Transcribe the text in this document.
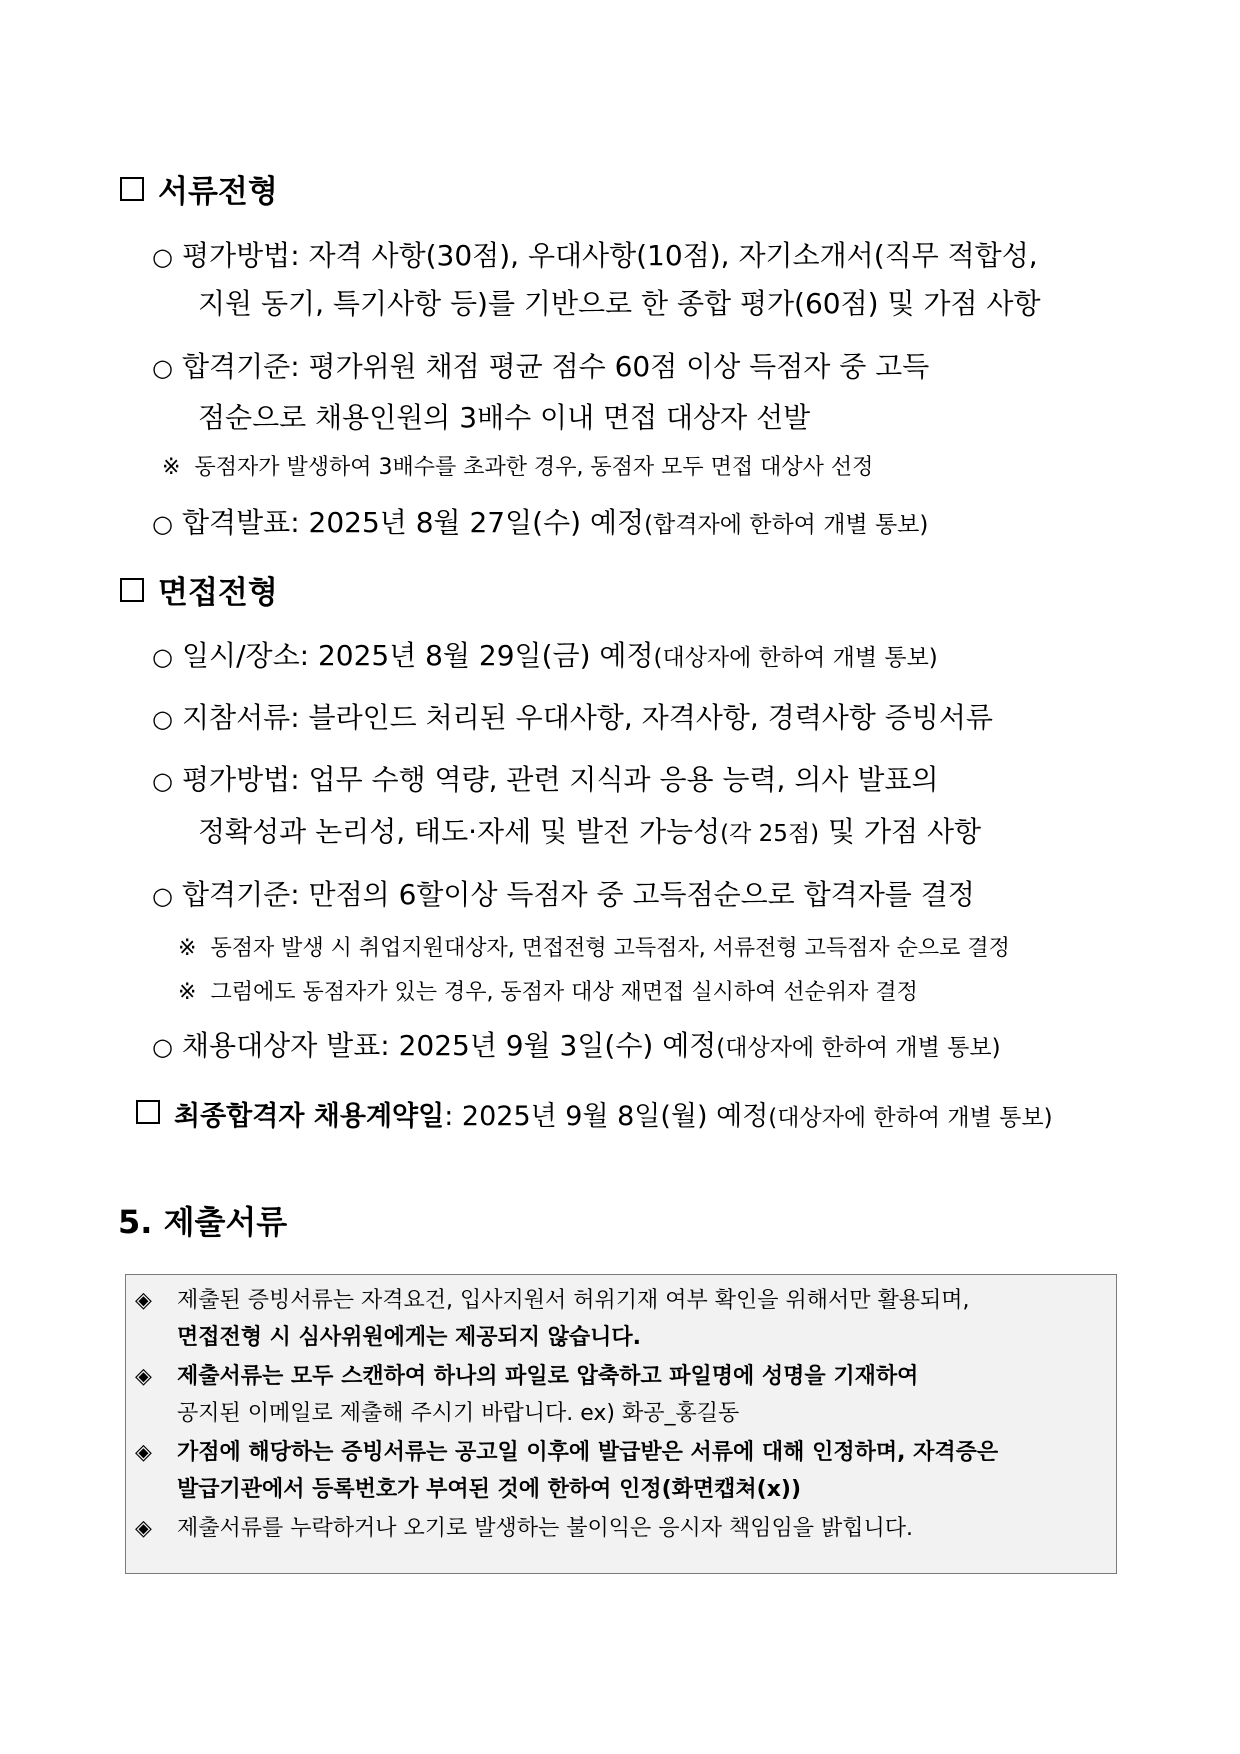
서류전형
○ 평가방법: 자격 사항(30점), 우대사항(10점), 자기소개서(직무 적합성,
지원 동기, 특기사항 등)를 기반으로 한 종합 평가(60점) 및 가점 사항
○ 합격기준: 평가위원 채점 평균 점수 60점 이상 득점자 중 고득
점순으로 채용인원의 3배수 이내 면접 대상자 선발
※ 동점자가 발생하여 3배수를 초과한 경우, 동점자 모두 면접 대상사 선정
○ 합격발표: 2025년 8월 27일(수) 예정(합격자에 한하여 개별 통보)
면접전형
○ 일시/장소: 2025년 8월 29일(금) 예정(대상자에 한하여 개별 통보)
○ 지참서류: 블라인드 처리된 우대사항, 자격사항, 경력사항 증빙서류
○ 평가방법: 업무 수행 역량, 관련 지식과 응용 능력, 의사 발표의
정확성과 논리성, 태도·자세 및 발전 가능성(각 25점) 및 가점 사항
○ 합격기준: 만점의 6할이상 득점자 중 고득점순으로 합격자를 결정
※ 동점자 발생 시 취업지원대상자, 면접전형 고득점자, 서류전형 고득점자 순으로 결정
※ 그럼에도 동점자가 있는 경우, 동점자 대상 재면접 실시하여 선순위자 결정
○ 채용대상자 발표: 2025년 9월 3일(수) 예정(대상자에 한하여 개별 통보)
최종합격자 채용계약일: 2025년 9월 8일(월) 예정(대상자에 한하여 개별 통보)
5. 제출서류
◈ 제출된 증빙서류는 자격요건, 입사지원서 허위기재 여부 확인을 위해서만 활용되며,
면접전형 시 심사위원에게는 제공되지 않습니다.
◈ 제출서류는 모두 스캔하여 하나의 파일로 압축하고 파일명에 성명을 기재하여
공지된 이메일로 제출해 주시기 바랍니다. ex) 화공_홍길동
◈ 가점에 해당하는 증빙서류는 공고일 이후에 발급받은 서류에 대해 인정하며, 자격증은
발급기관에서 등록번호가 부여된 것에 한하여 인정(화면캡쳐(x))
◈ 제출서류를 누락하거나 오기로 발생하는 불이익은 응시자 책임임을 밝힙니다.
